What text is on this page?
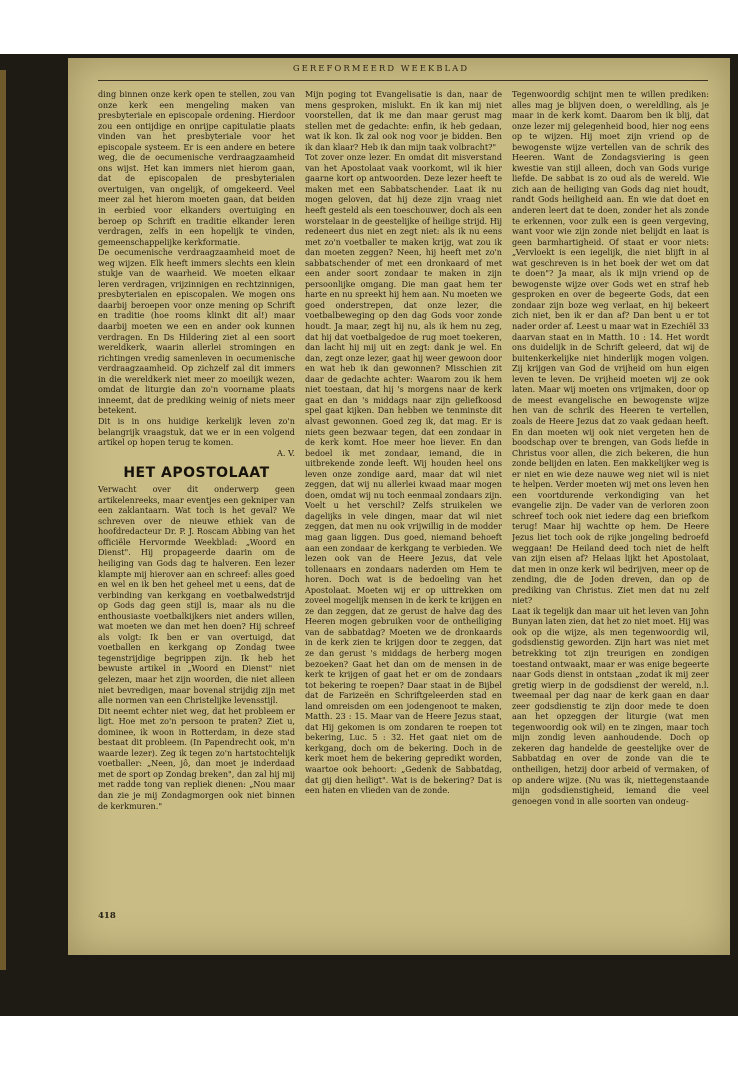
GEREFORMEERD WEEKBLAD

ding binnen onze kerk open te stellen, zou van onze kerk een mengeling maken van presbyteriale en episcopale ordening. Hierdoor zou een ontijdige en onrijpe capitulatie plaats vinden van het presbyteriale voor het episcopale systeem. Er is een andere en betere weg, die de oecumenische verdraagzaamheid ons wijst. Het kan immers niet hierom gaan, dat de episcopalen de presbyterialen overtuigen, van ongelijk, of omgekeerd. Veel meer zal het hierom moeten gaan, dat beiden in eerbied voor elkanders overtuiging en beroep op Schrift en traditie elkander leren verdragen, zelfs in een hopelijk te vinden, gemeenschappelijke kerkformatie.

De oecumenische verdraagzaamheid moet de weg wijzen. Elk heeft immers slechts een klein stukje van de waarheid. We moeten elkaar leren verdragen, vrijzinnigen en rechtzinnigen, presbyterialen en episcopalen. We mogen ons daarbij beroepen voor onze mening op Schrift en traditie (hoe rooms klinkt dit al!) maar daarbij moeten we een en ander ook kunnen verdragen. En Ds Hildering ziet al een soort wereldkerk, waarin allerlei stromingen en richtingen vredig samenleven in oecumenische verdraagzaamheid. Op zichzelf zal dit immers in die wereldkerk niet meer zo moeilijk wezen, omdat de liturgie dan zo'n voorname plaats inneemt, dat de prediking weinig of niets meer betekent.

Dit is in ons huidige kerkelijk leven zo'n belangrijk vraagstuk, dat we er in een volgend artikel op hopen terug te komen.

A. V.

HET APOSTOLAAT

Verwacht over dit onderwerp geen artikelenreeks, maar eventjes een gekniper van een zaklantaarn. Wat toch is het geval? We schreven over de nieuwe ethiek van de hoofdredacteur Dr. P. J. Roscam Abbing van het officiële Hervormde Weekblad: „Woord en Dienst". Hij propageerde daarin om de heiliging van Gods dag te halveren. Een lezer klampte mij hierover aan en schreef: alles goed en wel en ik ben het geheel met u eens, dat de verbinding van kerkgang en voetbalwedstrijd op Gods dag geen stijl is, maar als nu die enthousiaste voetbalkijkers niet anders willen, wat moeten we dan met hen doen? Hij schreef als volgt: Ik ben er van overtuigd, dat voetballen en kerkgang op Zondag twee tegenstrijdige begrippen zijn. Ik heb het bewuste artikel in „Woord en Dienst" niet gelezen, maar het zijn woorden, die niet alleen niet bevredigen, maar bovenal strijdig zijn met alle normen van een Christelijke levensstijl.

Dit neemt echter niet weg, dat het probleem er ligt. Hoe met zo'n persoon te praten? Ziet u, dominee, ik woon in Rotterdam, in deze stad bestaat dit probleem. (In Papendrecht ook, m'n waarde lezer). Zeg ik tegen zo'n hartstochtelijk voetballer: „Neen, jô, dan moet je inderdaad met de sport op Zondag breken", dan zal hij mij met radde tong van repliek dienen: „Nou maar dan zie je mij Zondagmorgen ook niet binnen de kerkmuren."

Mijn poging tot Evangelisatie is dan, naar de mens gesproken, mislukt. En ik kan mij niet voorstellen, dat ik me dan maar gerust mag stellen met de gedachte: enfin, ik heb gedaan, wat ik kon. Ik zal ook nog voor je bidden. Ben ik dan klaar? Heb ik dan mijn taak volbracht?"

Tot zover onze lezer. En omdat dit misverstand van het Apostolaat vaak voorkomt, wil ik hier gaarne kort op antwoorden. Deze lezer heeft te maken met een Sabbatschender. Laat ik nu mogen geloven, dat hij deze zijn vraag niet heeft gesteld als een toeschouwer, doch als een worstelaar in de geestelijke of heilige strijd. Hij redeneert dus niet en zegt niet: als ik nu eens met zo'n voetballer te maken krijg, wat zou ik dan moeten zeggen? Neen, hij heeft met zo'n sabbatschender of met een dronkaard of met een ander soort zondaar te maken in zijn persoonlijke omgang. Die man gaat hem ter harte en nu spreekt hij hem aan. Nu moeten we goed onderstrepen, dat onze lezer, die voetbalbeweging op den dag Gods voor zonde houdt. Ja maar, zegt hij nu, als ik hem nu zeg, dat hij dat voetbalgedoe de rug moet toekeren, dan lacht hij mij uit en zegt: dank je wel. En dan, zegt onze lezer, gaat hij weer gewoon door en wat heb ik dan gewonnen? Misschien zit daar de gedachte achter: Waarom zou ik hem niet toestaan, dat hij 's morgens naar de kerk gaat en dan 's middags naar zijn geliefkoosd spel gaat kijken. Dan hebben we tenminste dit alvast gewonnen. Goed zeg ik, dat mag. Er is niets geen bezwaar tegen, dat een zondaar in de kerk komt. Hoe meer hoe liever. En dan bedoel ik met zondaar, iemand, die in uitbrekende zonde leeft. Wij houden heel ons leven onze zondige aard, maar dat wil niet zeggen, dat wij nu allerlei kwaad maar mogen doen, omdat wij nu toch eenmaal zondaars zijn. Voelt u het verschil? Zelfs struikelen we dagelijks in vele dingen, maar dat wil niet zeggen, dat men nu ook vrijwillig in de modder mag gaan liggen. Dus goed, niemand behoeft aan een zondaar de kerkgang te verbieden. We lezen ook van de Heere Jezus, dat vele tollenaars en zondaars naderden om Hem te horen. Doch wat is de bedoeling van het Apostolaat. Moeten wij er op uittrekken om zoveel mogelijk mensen in de kerk te krijgen en ze dan zeggen, dat ze gerust de halve dag des Heeren mogen gebruiken voor de ontheiliging van de sabbatdag? Moeten we de dronkaards in de kerk zien te krijgen door te zeggen, dat ze dan gerust 's middags de herberg mogen bezoeken? Gaat het dan om de mensen in de kerk te krijgen of gaat het er om de zondaars tot bekering te roepen? Daar staat in de Bijbel dat de Farizeën en Schriftgeleerden stad en land omreisden om een jodengenoot te maken, Matth. 23 : 15. Maar van de Heere Jezus staat, dat Hij gekomen is om zondaren te roepen tot bekering, Luc. 5 : 32. Het gaat niet om de kerkgang, doch om de bekering. Doch in de kerk moet hem de bekering gepredikt worden, waartoe ook behoort: „Gedenk de Sabbatdag, dat gij dien heiligt". Wat is de bekering? Dat is een haten en vlieden van de zonde.

Tegenwoordig schijnt men te willen prediken: alles mag je blijven doen, o wereldling, als je maar in de kerk komt. Daarom ben ik blij, dat onze lezer mij gelegenheid bood, hier nog eens op te wijzen. Hij moet zijn vriend op de bewogenste wijze vertellen van de schrik des Heeren. Want de Zondagsviering is geen kwestie van stijl alleen, doch van Gods vurige liefde. De sabbat is zo oud als de wereld. Wie zich aan de heiliging van Gods dag niet houdt, randt Gods heiligheid aan. En wie dat doet en anderen leert dat te doen, zonder het als zonde te erkennen, voor zulk een is geen vergeving, want voor wie zijn zonde niet belijdt en laat is geen barmhartigheid. Of staat er voor niets: „Vervloekt is een iegelijk, die niet blijft in al wat geschreven is in het boek der wet om dat te doen"? Ja maar, als ik mijn vriend op de bewogenste wijze over Gods wet en straf heb gesproken en over de begeerte Gods, dat een zondaar zijn boze weg verlaat, en hij bekeert zich niet, ben ik er dan af? Dan bent u er tot nader order af. Leest u maar wat in Ezechiël 33 daarvan staat en in Matth. 10 : 14. Het wordt ons duidelijk in de Schrift geleerd, dat wij de buitenkerkelijke niet hinderlijk mogen volgen. Zij krijgen van God de vrijheid om hun eigen leven te leven. De vrijheid moeten wij ze ook laten. Maar wij moeten ons vrijmaken, door op de meest evangelische en bewogenste wijze hen van de schrik des Heeren te vertellen, zoals de Heere Jezus dat zo vaak gedaan heeft. En dan moeten wij ook niet vergeten hen de boodschap over te brengen, van Gods liefde in Christus voor allen, die zich bekeren, die hun zonde belijden en laten. Een makkelijker weg is er niet en wie deze nauwe weg niet wil is niet te helpen. Verder moeten wij met ons leven hen een voortdurende verkondiging van het evangelie zijn. De vader van de verloren zoon schreef toch ook niet iedere dag een briefkom terug! Maar hij wachtte op hem. De Heere Jezus liet toch ook de rijke jongeling bedroefd weggaan! De Heiland deed toch niet de helft van zijn eisen af? Helaas lijkt het Apostolaat, dat men in onze kerk wil bedrijven, meer op de zending, die de Joden dreven, dan op de prediking van Christus. Ziet men dat nu zelf niet?

Laat ik tegelijk dan maar uit het leven van John Bunyan laten zien, dat het zo niet moet. Hij was ook op die wijze, als men tegenwoordig wil, godsdienstig geworden. Zijn hart was niet met betrekking tot zijn treurigen en zondigen toestand ontwaakt, maar er was enige begeerte naar Gods dienst in ontstaan „zodat ik mij zeer gretig wierp in de godsdienst der wereld, n.l. tweemaal per dag naar de kerk gaan en daar zeer godsdienstig te zijn door mede te doen aan het opzeggen der liturgie (wat men tegenwoordig ook wil) en te zingen, maar toch mijn zondig leven aanhoudende. Doch op zekeren dag handelde de geestelijke over de Sabbatdag en over de zonde van die te ontheiligen, hetzij door arbeid of vermaken, of op andere wijze. (Nu was ik, niettegenstaande mijn godsdienstigheid, iemand die veel genoegen vond in alle soorten van ondeug-

418
